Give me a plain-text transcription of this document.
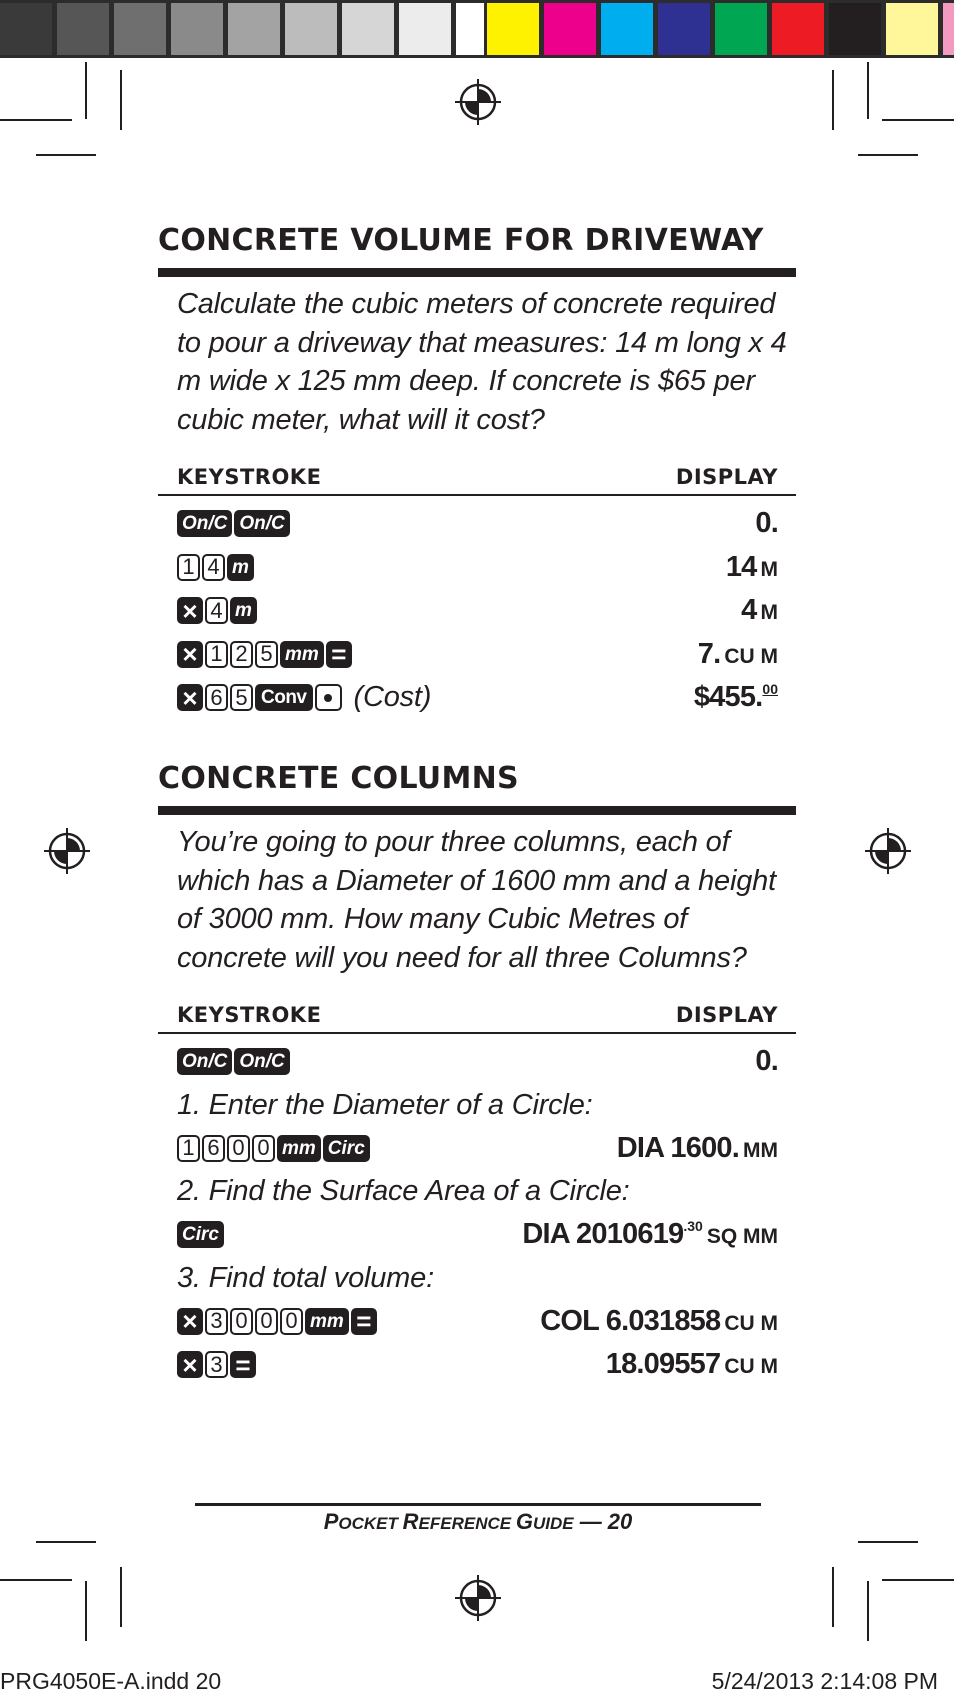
CONCRETE VOLUME FOR DRIVEWAY
Calculate the cubic meters of concrete required to pour a driveway that measures: 14 m long x 4 m wide x 125 mm deep. If concrete is $65 per cubic meter, what will it cost?
KEYSTROKE	DISPLAY
On/C On/C	0.
1 4 m	14 M
× 4 m	4 M
× 1 2 5 mm =	7. CU M
× 6 5 Conv (Cost)	$455.00
CONCRETE COLUMNS
You’re going to pour three columns, each of which has a Diameter of 1600 mm and a height of 3000 mm. How many Cubic Metres of concrete will you need for all three Columns?
KEYSTROKE	DISPLAY
On/C On/C	0.
1. Enter the Diameter of a Circle:
1 6 0 0 mm Circ	DIA 1600. MM
2. Find the Surface Area of a Circle:
Circ	DIA $2010619^{.30}$ SQ MM
3. Find total volume:
× 3 0 0 0 mm =	COL 6.031858 CU M
× 3 =	18.09557 CU M
POCKET REFERENCE GUIDE — 20
PRG4050E-A.indd 20	5/24/2013 2:14:08 PM
